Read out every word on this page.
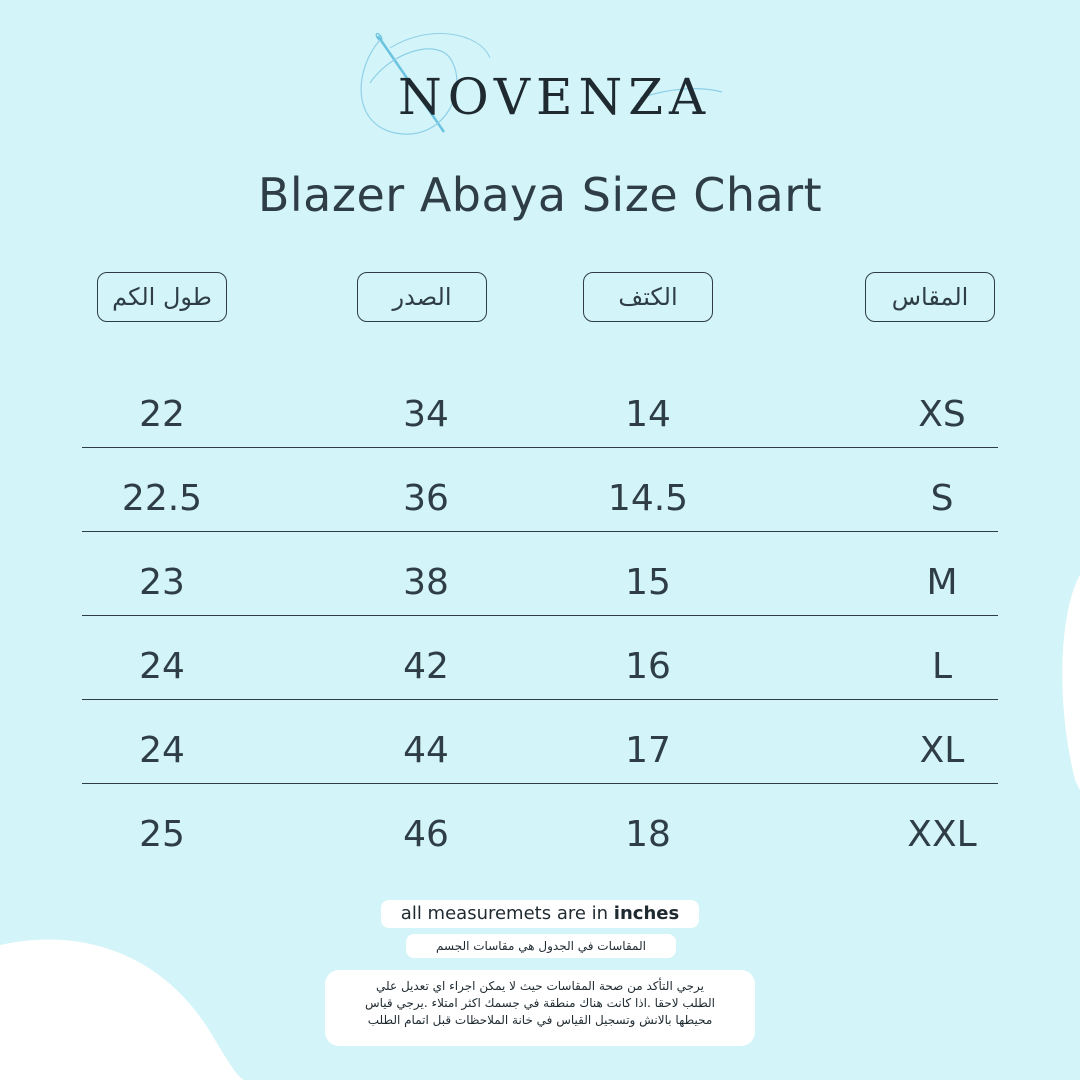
NOVENZA
Blazer Abaya Size Chart
طول الكم	الصدر	الكتف	المقاس
22	34	14	XS
22.5	36	14.5	S
23	38	15	M
24	42	16	L
24	44	17	XL
25	46	18	XXL
all measuremets are in inches
المقاسات في الجدول هي مقاسات الجسم
يرجي التأكد من صحة المقاسات حيث لا يمكن اجراء اي تعديل علي
الطلب لاحقا .اذا كانت هناك منطقة في جسمك اكثر امتلاء .يرجي قياس
محيطها بالانش وتسجيل القياس في خانة الملاحظات قبل اتمام الطلب
